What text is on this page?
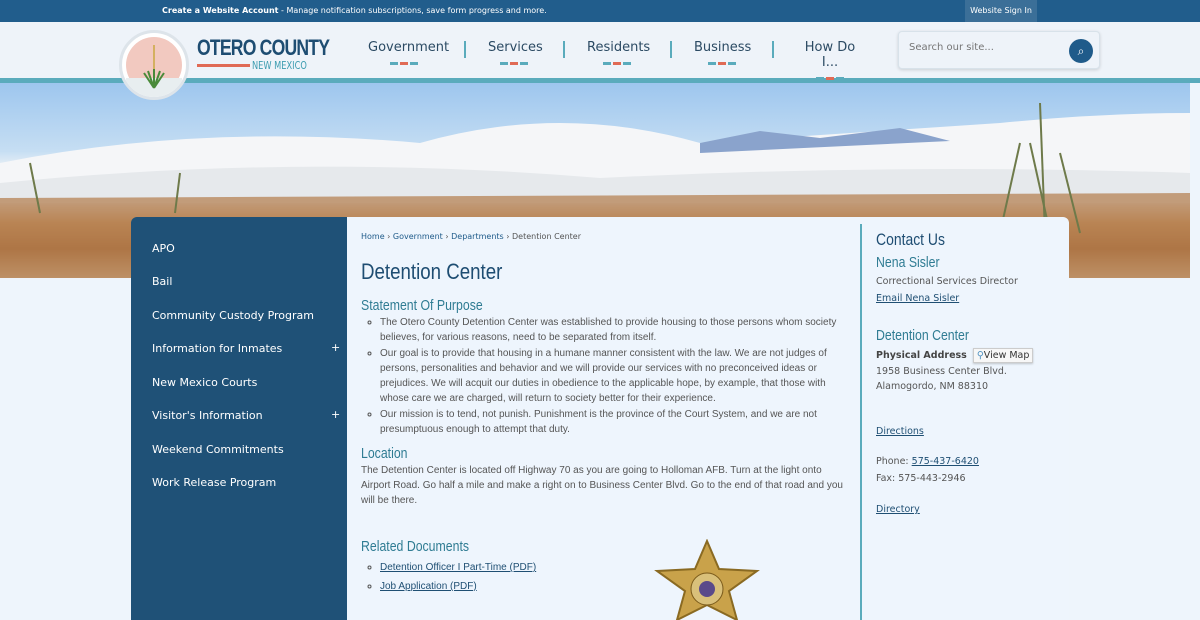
Create a Website Account - Manage notification subscriptions, save form progress and more.	Website Sign In
OTERO COUNTY
NEW MEXICO
Government	Services	Residents	Business	How Do I...
Search our site...
⌕
APO
Bail
Community Custody Program
Information for Inmates	+
New Mexico Courts
Visitor's Information	+
Weekend Commitments
Work Release Program
Home › Government › Departments › Detention Center
Detention Center
Statement Of Purpose
◦ The Otero County Detention Center was established to provide housing to those persons whom society believes, for various reasons, need to be separated from itself.
◦ Our goal is to provide that housing in a humane manner consistent with the law. We are not judges of persons, personalities and behavior and we will provide our services with no preconceived ideas or prejudices. We will acquit our duties in obedience to the applicable hope, by example, that those with whose care we are charged, will return to society better for their experience.
◦ Our mission is to tend, not punish. Punishment is the province of the Court System, and we are not presumptuous enough to attempt that duty.
Location
The Detention Center is located off Highway 70 as you are going to Holloman AFB. Turn at the light onto Airport Road. Go half a mile and make a right on to Business Center Blvd. Go to the end of that road and you will be there.
Related Documents
◦ Detention Officer I Part-Time (PDF)
◦ Job Application (PDF)
Contact Us
Nena Sisler
Correctional Services Director
Email Nena Sisler
Detention Center
Physical Address ⚲View Map
1958 Business Center Blvd.
Alamogordo, NM 88310
Directions
Phone: 575-437-6420
Fax: 575-443-2946
Directory
